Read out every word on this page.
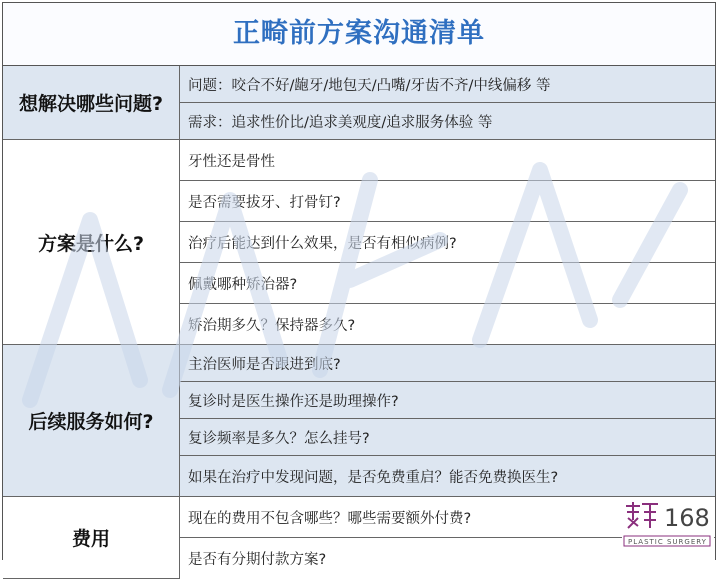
正畸前方案沟通清单
想解决哪些问题?	问题：咬合不好/龅牙/地包天/凸嘴/牙齿不齐/中线偏移 等
	需求：追求性价比/追求美观度/追求服务体验 等
方案是什么?	牙性还是骨性
	是否需要拔牙、打骨钉?
	治疗后能达到什么效果，是否有相似病例?
	佩戴哪种矫治器?
	矫治期多久？保持器多久?
后续服务如何?	主治医师是否跟进到底?
	复诊时是医生操作还是助理操作?
	复诊频率是多久？怎么挂号?
	如果在治疗中发现问题，是否免费重启？能否免费换医生?
费用	现在的费用不包含哪些？哪些需要额外付费?
	是否有分期付款方案?
168
PLASTIC SURGERY
